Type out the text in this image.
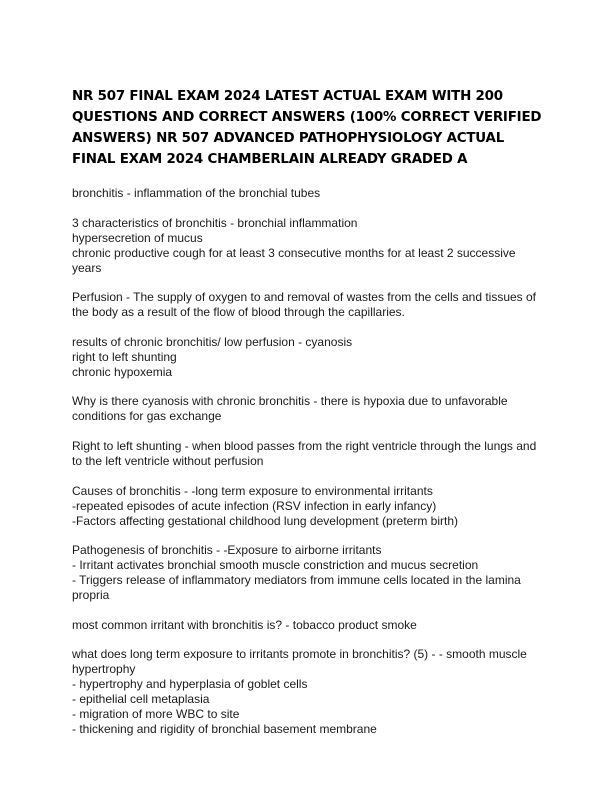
NR 507 FINAL EXAM 2024 LATEST ACTUAL EXAM WITH 200 QUESTIONS AND CORRECT ANSWERS (100% CORRECT VERIFIED ANSWERS) NR 507 ADVANCED PATHOPHYSIOLOGY ACTUAL FINAL EXAM 2024 CHAMBERLAIN ALREADY GRADED A

bronchitis - inflammation of the bronchial tubes

3 characteristics of bronchitis - bronchial inflammation
hypersecretion of mucus
chronic productive cough for at least 3 consecutive months for at least 2 successive years

Perfusion - The supply of oxygen to and removal of wastes from the cells and tissues of the body as a result of the flow of blood through the capillaries.

results of chronic bronchitis/ low perfusion - cyanosis
right to left shunting
chronic hypoxemia

Why is there cyanosis with chronic bronchitis - there is hypoxia due to unfavorable conditions for gas exchange

Right to left shunting - when blood passes from the right ventricle through the lungs and to the left ventricle without perfusion

Causes of bronchitis - -long term exposure to environmental irritants
-repeated episodes of acute infection (RSV infection in early infancy)
-Factors affecting gestational childhood lung development (preterm birth)

Pathogenesis of bronchitis - -Exposure to airborne irritants
- Irritant activates bronchial smooth muscle constriction and mucus secretion
- Triggers release of inflammatory mediators from immune cells located in the lamina propria

most common irritant with bronchitis is? - tobacco product smoke

what does long term exposure to irritants promote in bronchitis? (5) - - smooth muscle hypertrophy
- hypertrophy and hyperplasia of goblet cells
- epithelial cell metaplasia
- migration of more WBC to site
- thickening and rigidity of bronchial basement membrane
